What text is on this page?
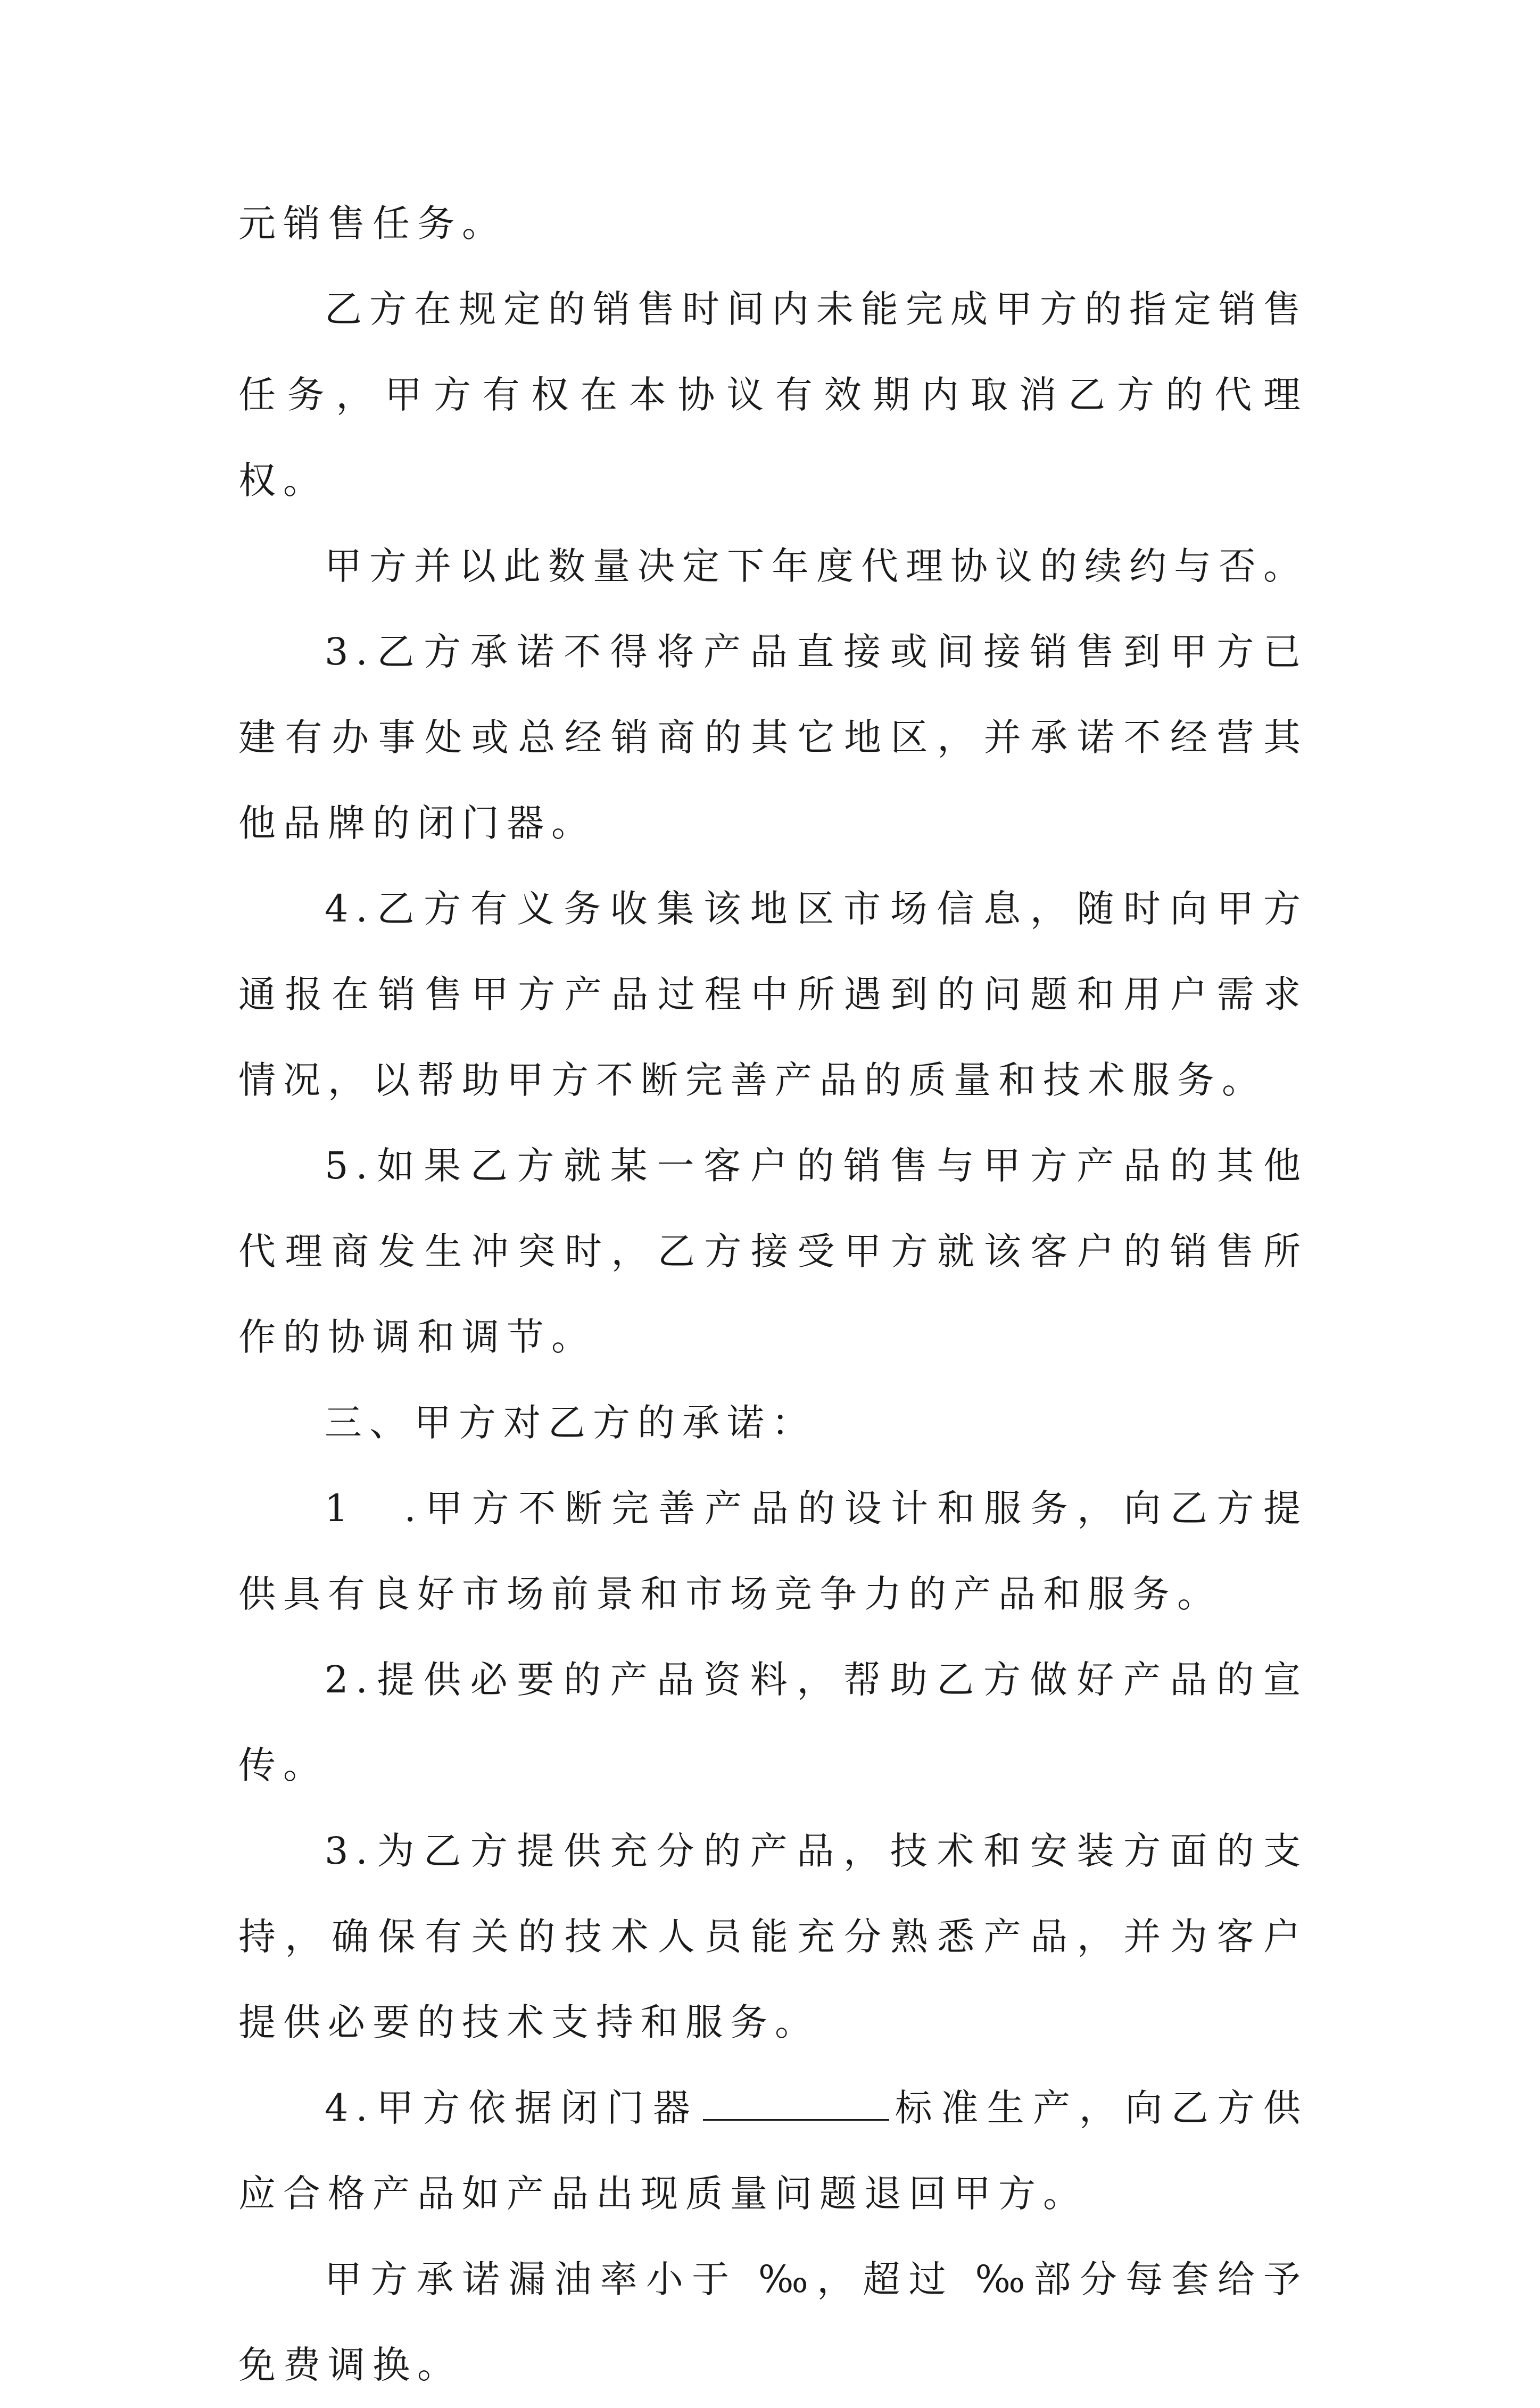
元销售任务。

乙方在规定的销售时间内未能完成甲方的指定销售任务，甲方有权在本协议有效期内取消乙方的代理权。

甲方并以此数量决定下年度代理协议的续约与否。

3.乙方承诺不得将产品直接或间接销售到甲方已建有办事处或总经销商的其它地区，并承诺不经营其他品牌的闭门器。

4.乙方有义务收集该地区市场信息，随时向甲方通报在销售甲方产品过程中所遇到的问题和用户需求情况，以帮助甲方不断完善产品的质量和技术服务。

5.如果乙方就某一客户的销售与甲方产品的其他代理商发生冲突时，乙方接受甲方就该客户的销售所作的协调和调节。

三、甲方对乙方的承诺：

1　.甲方不断完善产品的设计和服务，向乙方提供具有良好市场前景和市场竞争力的产品和服务。

2.提供必要的产品资料，帮助乙方做好产品的宣传。

3.为乙方提供充分的产品，技术和安装方面的支持，确保有关的技术人员能充分熟悉产品，并为客户提供必要的技术支持和服务。

4.甲方依据闭门器	标准生产，向乙方供应合格产品如产品出现质量问题退回甲方。

甲方承诺漏油率小于 ‰，超过 ‰部分每套给予免费调换。
